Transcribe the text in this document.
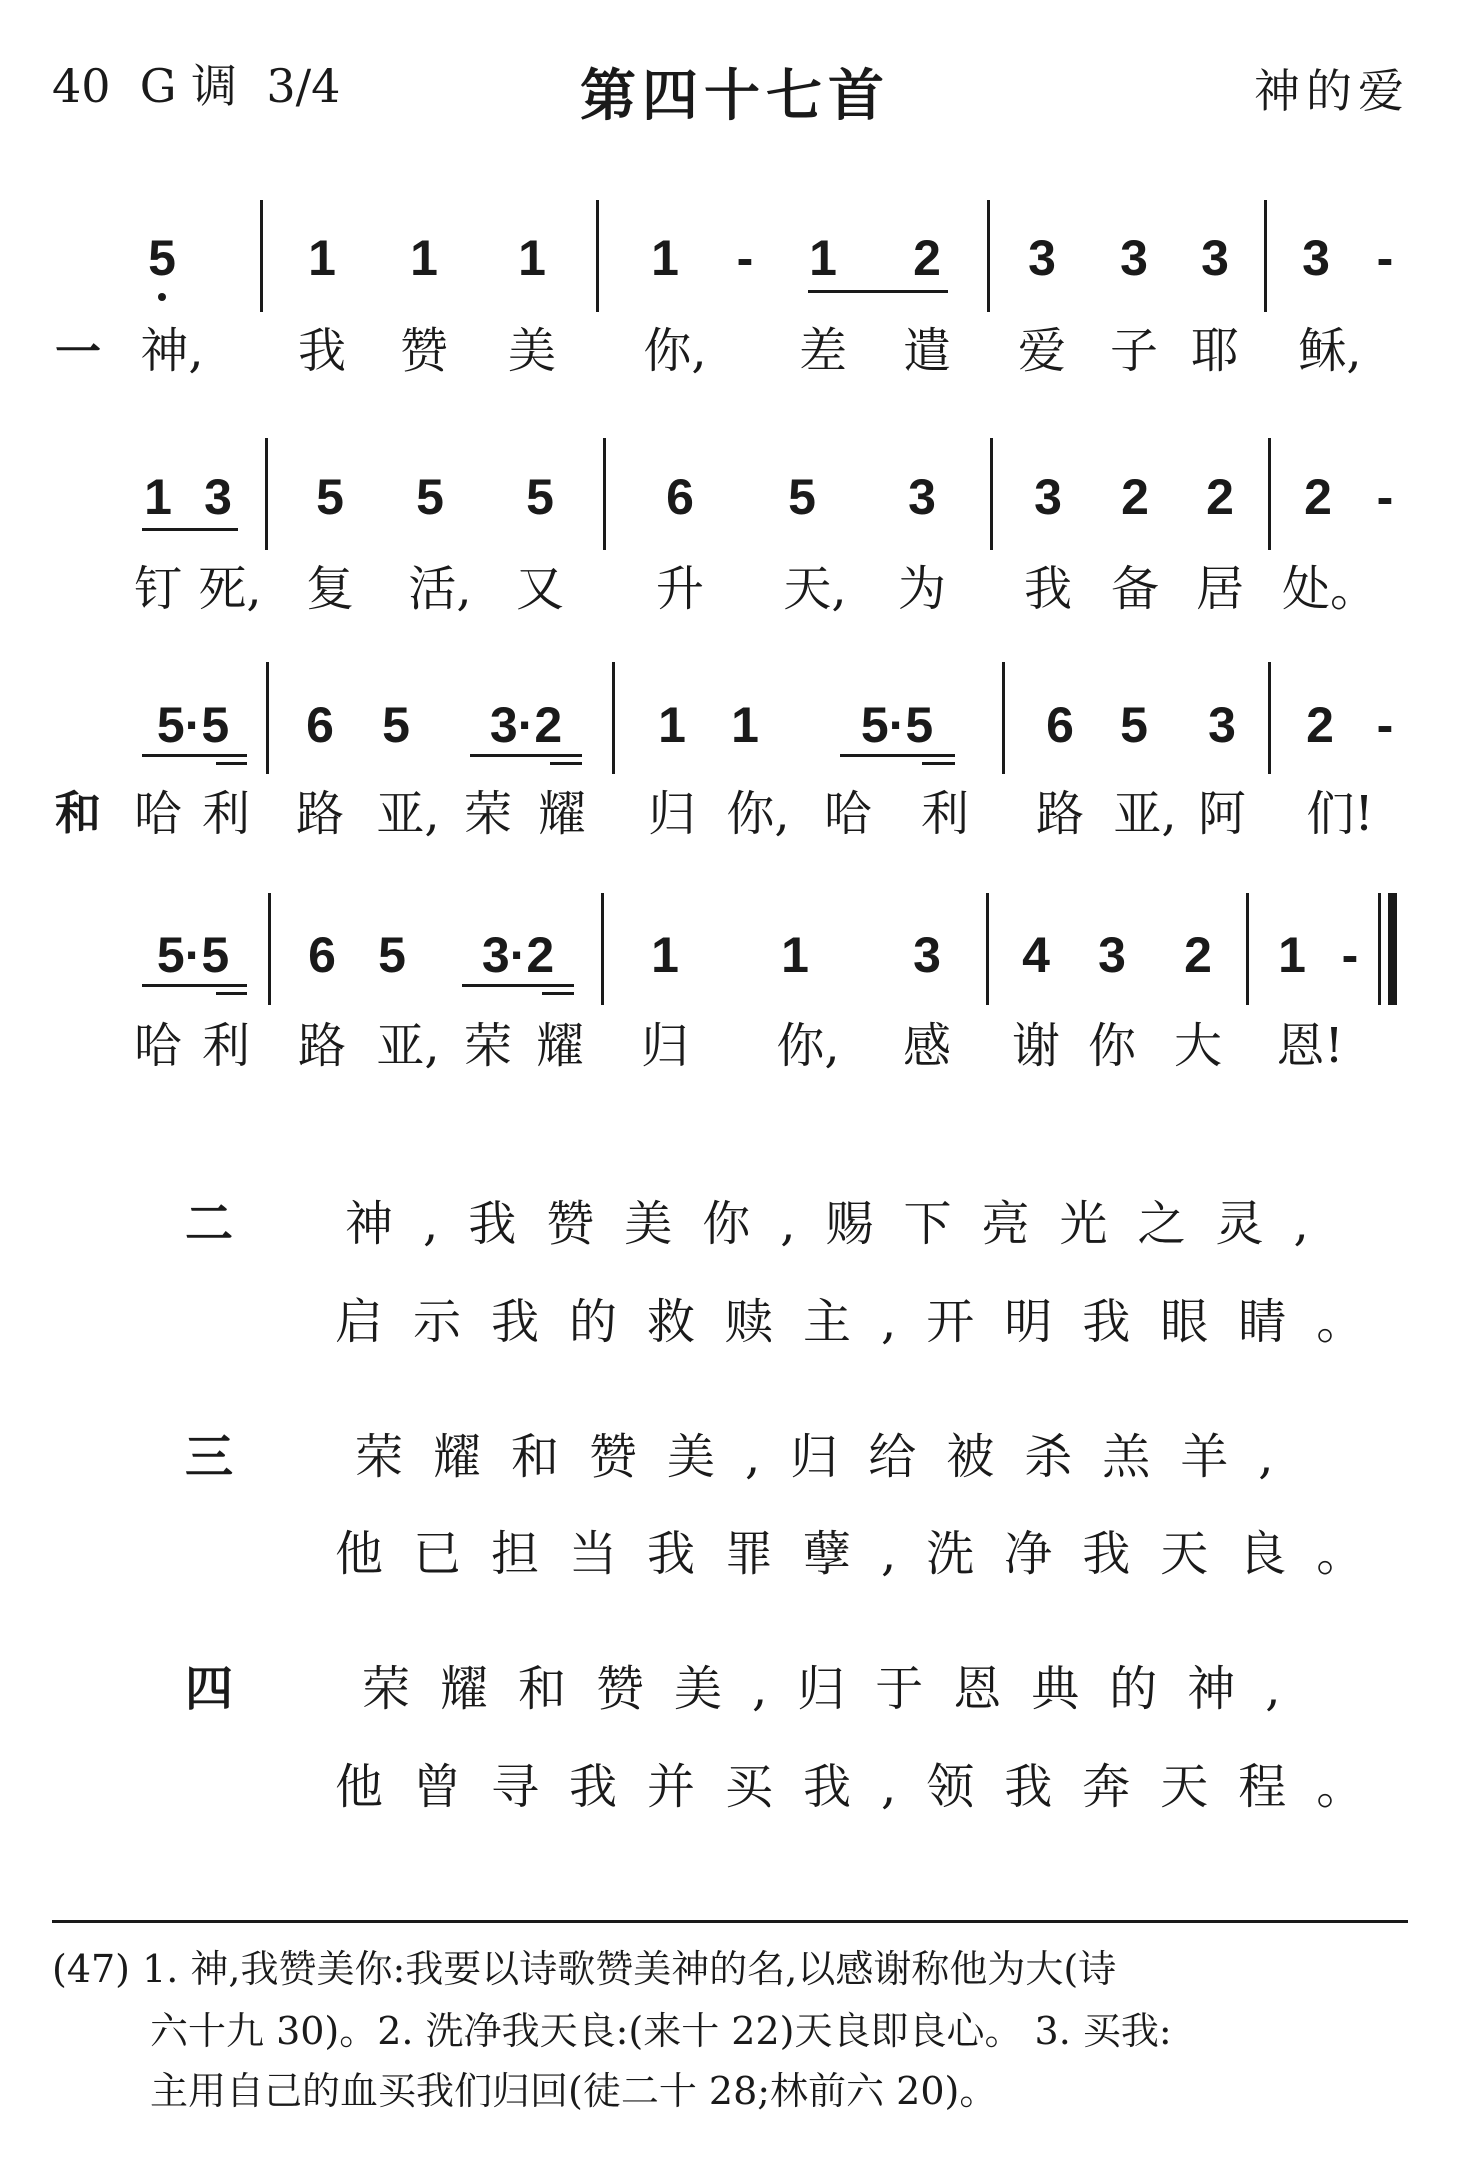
40  G 调  3/4	第四十七首	神的爱
5	1 1 1 1 - 1 2 3 3 3 3 -
一 神, 我 赞 美 你, 差 遣 爱 子 耶 稣,
1 3 5 5 5 6 5 3 3 2 2 2 -
钉 死, 复 活, 又 升 天, 为 我 备 居 处。
5·5 6 5 3·2 1 1 5·5 6 5 3 2 -
和 哈 利 路 亚, 荣 耀 归 你, 哈 利 路 亚, 阿 们!
5·5 6 5 3·2 1 1 3 4 3 2 1 -
哈 利 路 亚, 荣 耀 归 你, 感 谢 你 大 恩!
二 神,我赞美你,赐下亮光之灵,
启示我的救赎主,开明我眼睛。
三	荣耀和赞美,归给被杀羔羊,
他已担当我罪孽,洗净我天良。
四	荣耀和赞美,归于恩典的神,
他曾寻我并买我,领我奔天程。
(47) 1. 神,我赞美你:我要以诗歌赞美神的名,以感谢称他为大(诗
六十九 30)。2. 洗净我天良:(来十 22)天良即良心。 3. 买我:
主用自己的血买我们归回(徒二十 28;林前六 20)。
